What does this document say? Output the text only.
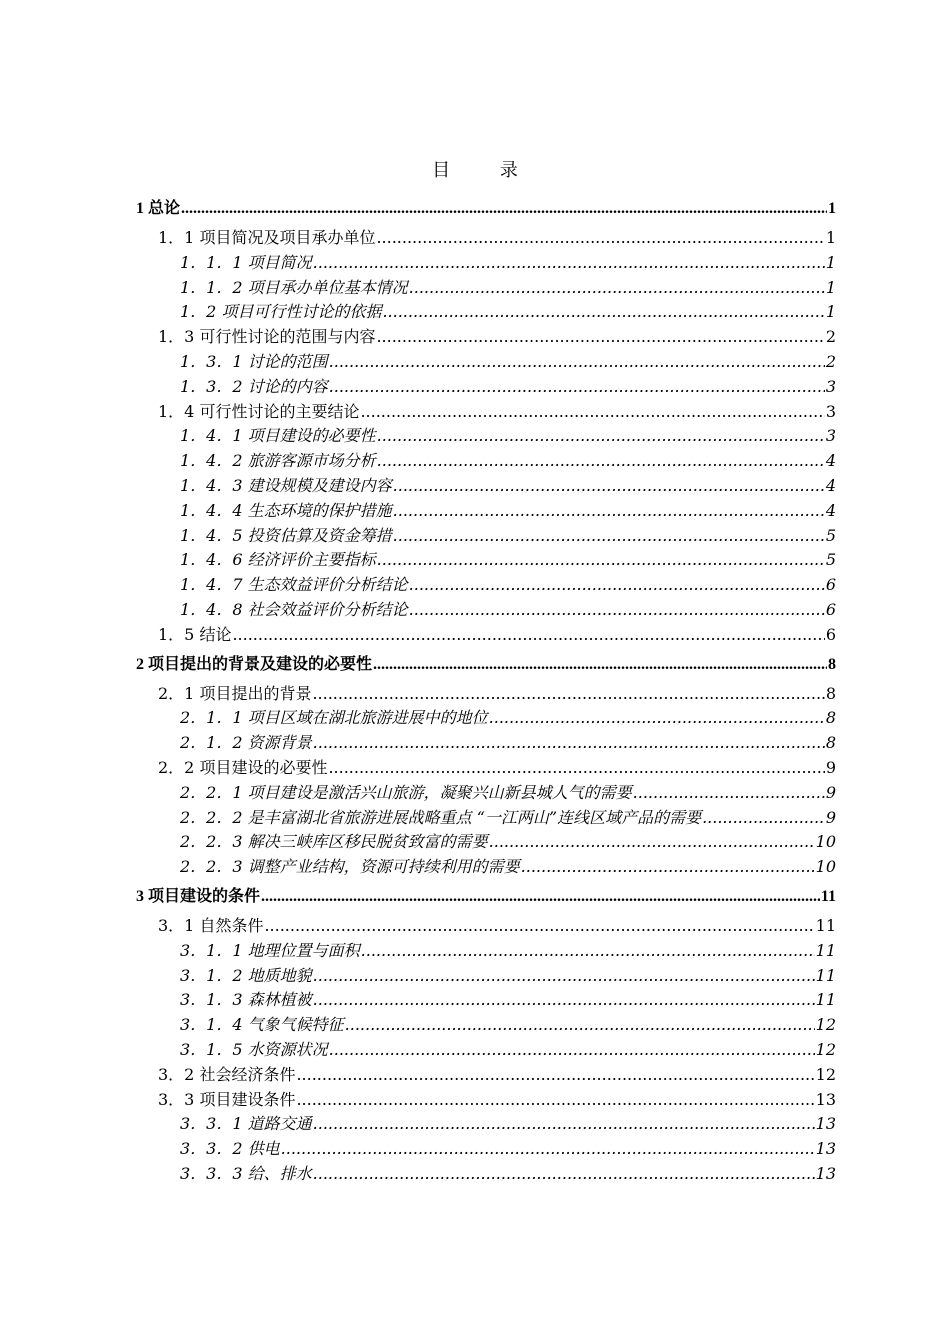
目 录
1 总论 .....	1
1．1 项目简况及项目承办单位 .....	1
1．1．1 项目简况 .....	1
1．1．2 项目承办单位基本情况 .....	1
1．2 项目可行性讨论的依据 .....	1
1．3 可行性讨论的范围与内容 .....	2
1．3．1 讨论的范围 .....	2
1．3．2 讨论的内容 .....	3
1．4 可行性讨论的主要结论 .....	3
1．4．1 项目建设的必要性 .....	3
1．4．2 旅游客源市场分析 .....	4
1．4．3 建设规模及建设内容 .....	4
1．4．4 生态环境的保护措施 .....	4
1．4．5 投资估算及资金筹措 .....	5
1．4．6 经济评价主要指标 .....	5
1．4．7 生态效益评价分析结论 .....	6
1．4．8 社会效益评价分析结论 .....	6
1．5 结论 .....	6
2 项目提出的背景及建设的必要性 .....	8
2．1 项目提出的背景 .....	8
2．1．1 项目区域在湖北旅游进展中的地位 .....	8
2．1．2 资源背景 .....	8
2．2 项目建设的必要性 .....	9
2．2．1 项目建设是激活兴山旅游，凝聚兴山新县城人气的需要 .....	9
2．2．2 是丰富湖北省旅游进展战略重点 “一江两山”连线区域产品的需要 .....	9
2．2．3 解决三峡库区移民脱贫致富的需要 .....	10
2．2．3 调整产业结构，资源可持续利用的需要 .....	10
3 项目建设的条件 .....	11
3．1 自然条件 .....	11
3．1．1 地理位置与面积 .....	11
3．1．2 地质地貌 .....	11
3．1．3 森林植被 .....	11
3．1．4 气象气候特征 .....	12
3．1．5 水资源状况 .....	12
3．2 社会经济条件 .....	12
3．3 项目建设条件 .....	13
3．3．1 道路交通 .....	13
3．3．2 供电 .....	13
3．3．3 给、排水 .....	13
